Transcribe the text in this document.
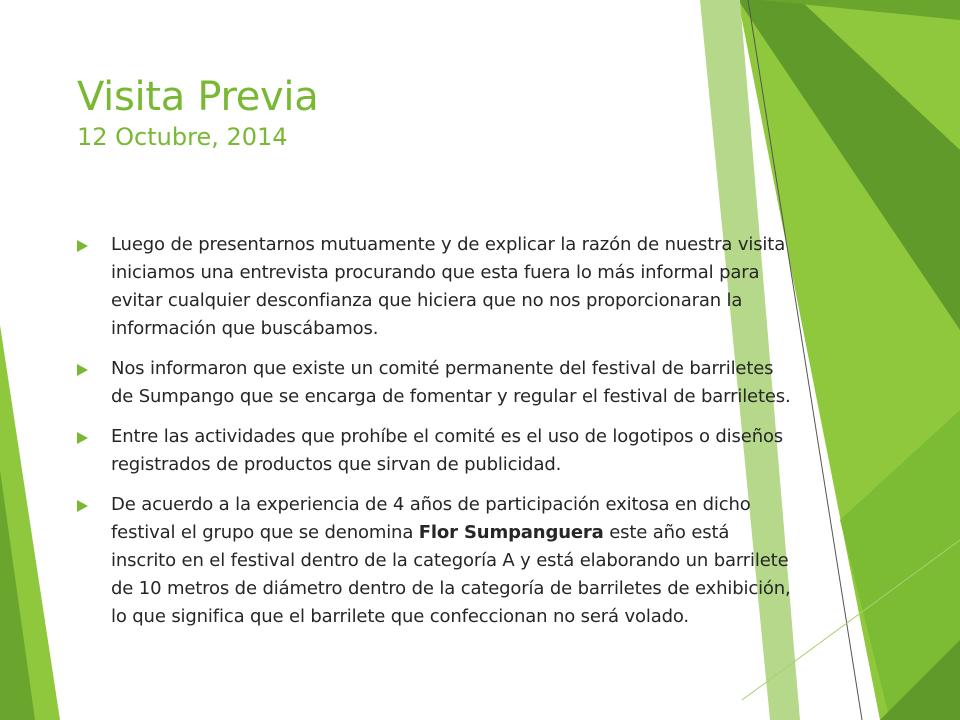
Visita Previa
12 Octubre, 2014
Luego de presentarnos mutuamente y de explicar la razón de nuestra visita iniciamos una entrevista procurando que esta fuera lo más informal para evitar cualquier desconfianza que hiciera que no nos proporcionaran la información que buscábamos.
Nos informaron que existe un comité permanente del festival de barriletes de Sumpango que se encarga de fomentar y regular el festival de barriletes.
Entre las actividades que prohíbe el comité es el uso de logotipos o diseños registrados de productos que sirvan de publicidad.
De acuerdo a la experiencia de 4 años de participación exitosa en dicho festival el grupo que se denomina Flor Sumpanguera este año está inscrito en el festival dentro de la categoría A y está elaborando un barrilete de 10 metros de diámetro dentro de la categoría de barriletes de exhibición, lo que significa que el barrilete que confeccionan no será volado.
